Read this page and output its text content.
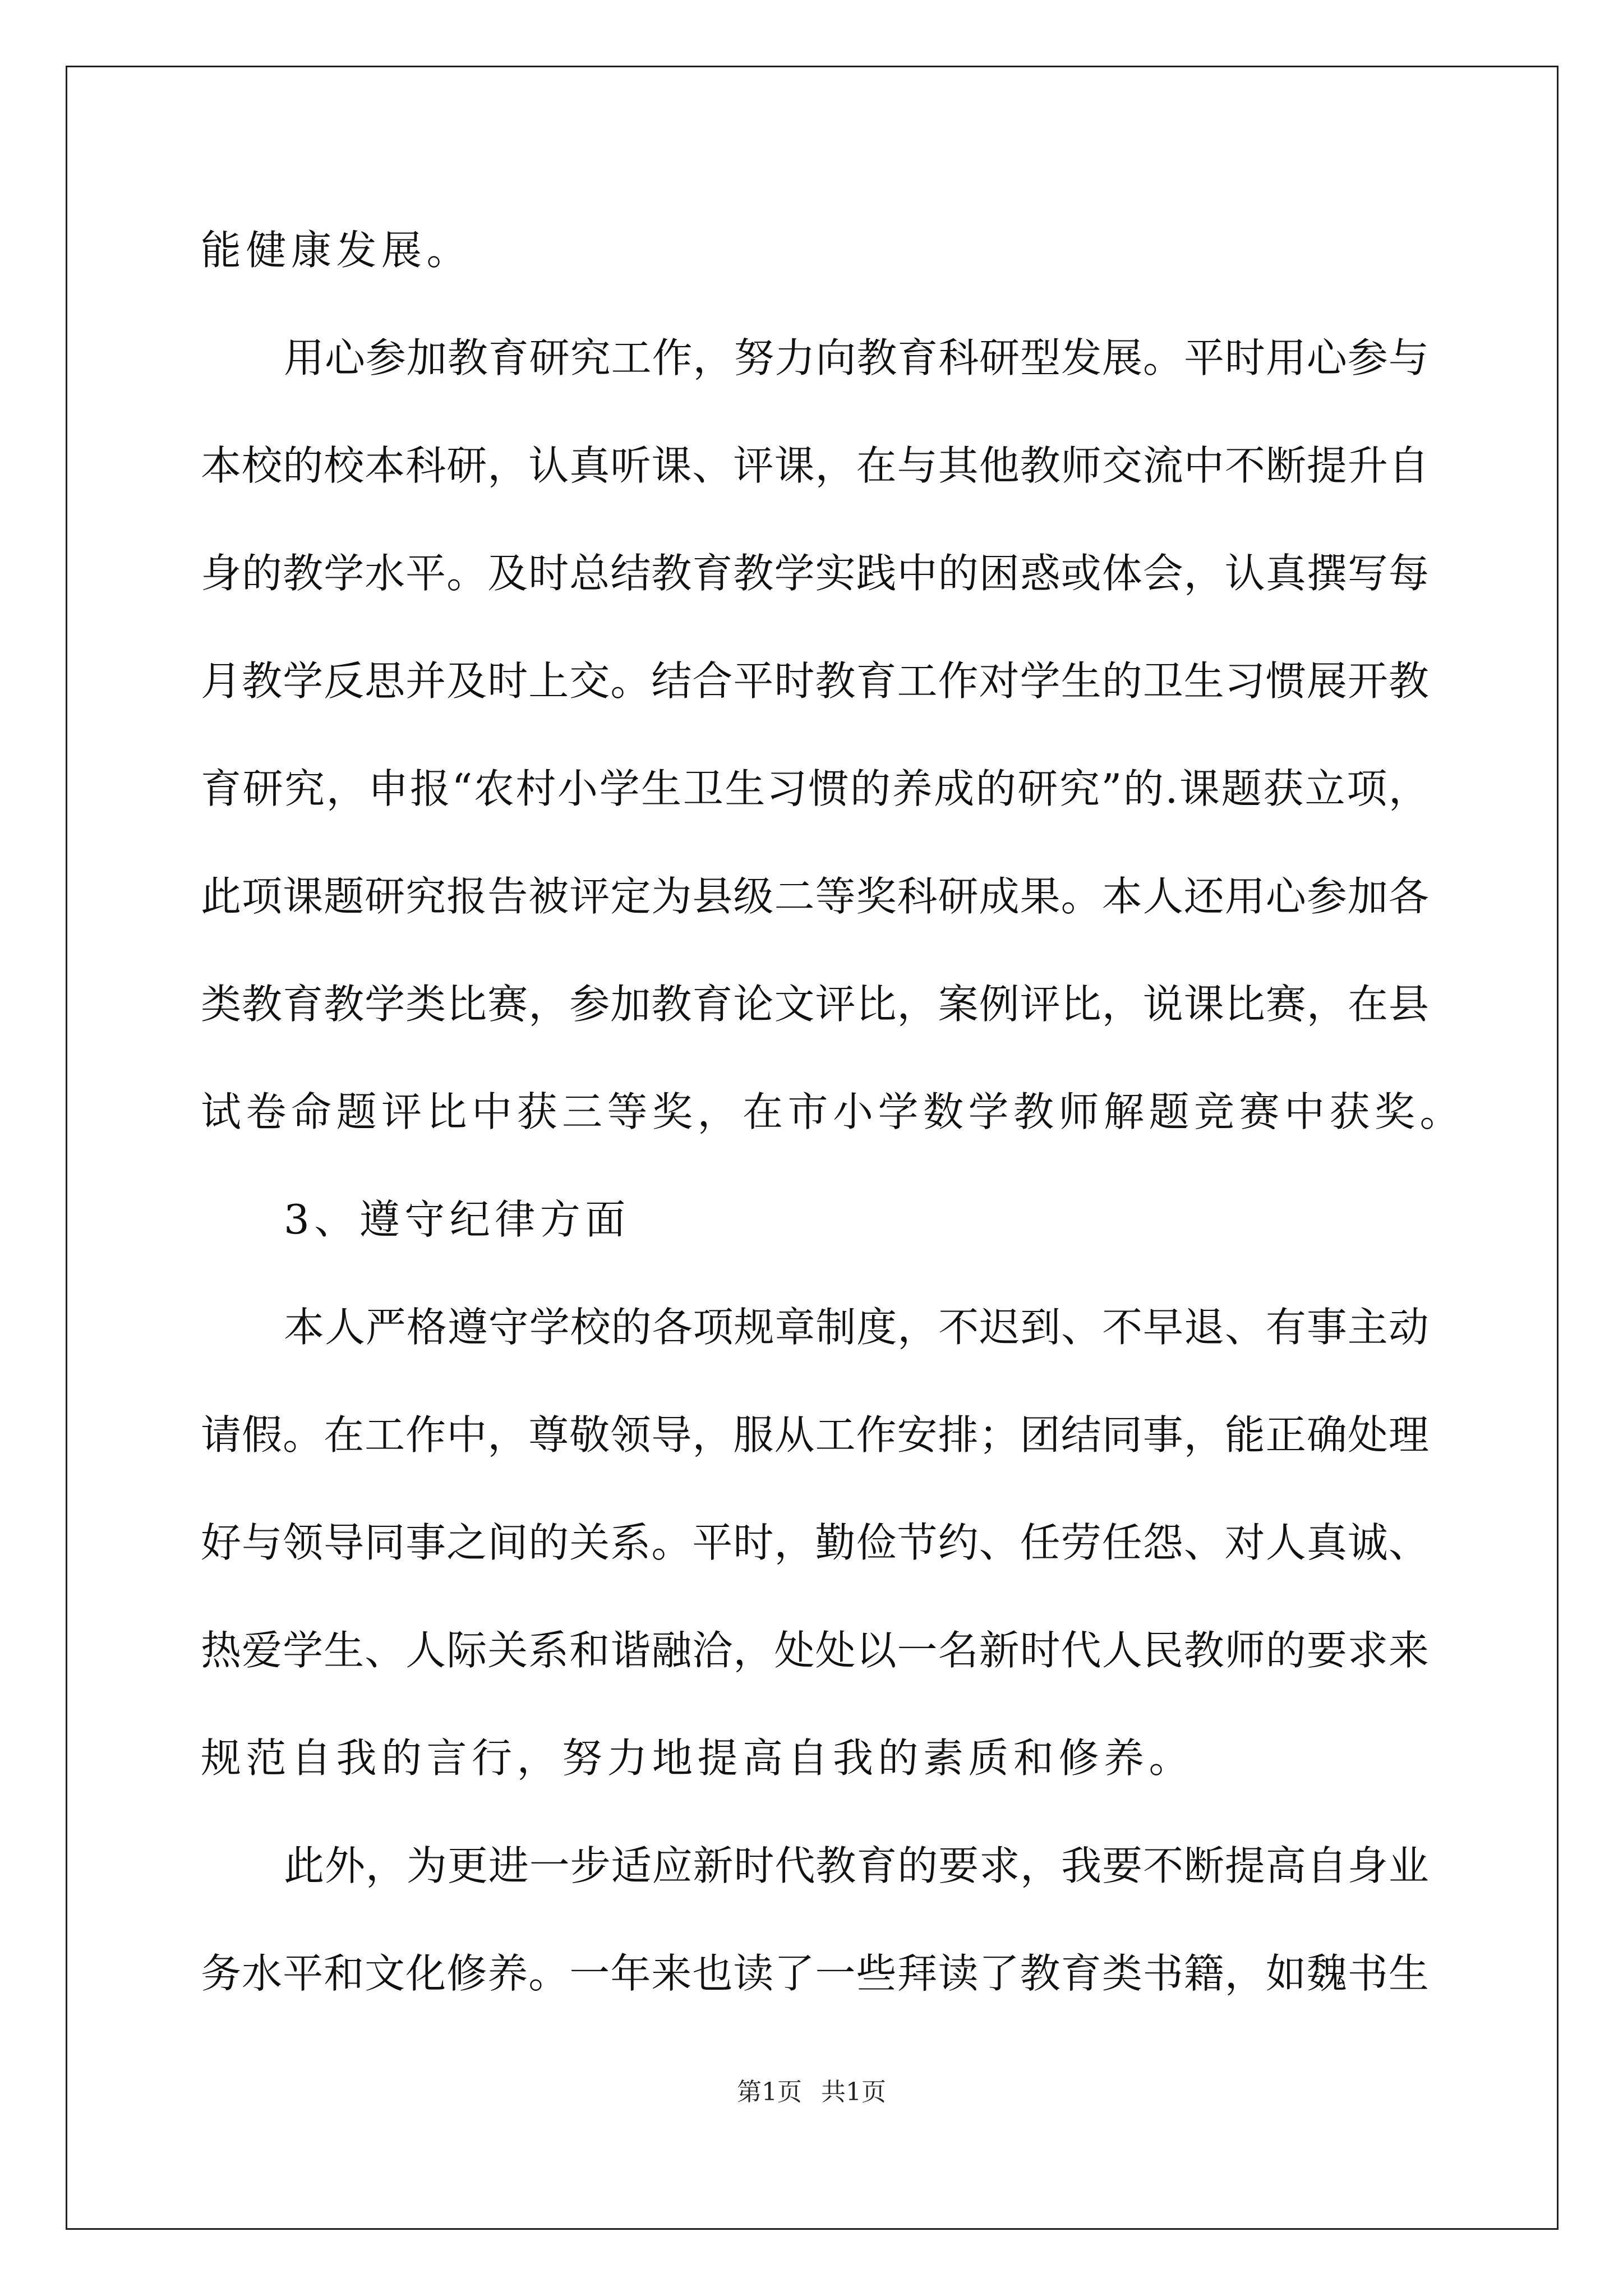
能健康发展。
用 心 参 加 教 育 研 究 工 作 ， 努 力 向 教 育 科 研 型 发 展 。 平 时 用 心 参 与
本 校 的 校 本 科 研 ， 认 真 听 课 、 评 课 ， 在 与 其 他 教 师 交 流 中 不 断 提 升 自
身 的 教 学 水 平 。 及 时 总 结 教 育 教 学 实 践 中 的 困 惑 或 体 会 ， 认 真 撰 写 每
月 教 学 反 思 并 及 时 上 交 。 结 合 平 时 教 育 工 作 对 学 生 的 卫 生 习 惯 展 开 教
育 研 究 ， 申 报 “ 农 村 小 学 生 卫 生 习 惯 的 养 成 的 研 究 ” 的 . 课 题 获 立 项 ，
此 项 课 题 研 究 报 告 被 评 定 为 县 级 二 等 奖 科 研 成 果 。 本 人 还 用 心 参 加 各
类 教 育 教 学 类 比 赛 ， 参 加 教 育 论 文 评 比 ， 案 例 评 比 ， 说 课 比 赛 ， 在 县
试卷命题评比中获三等奖，在市小学数学教师解题竞赛中获奖。
3、遵守纪律方面
本 人 严 格 遵 守 学 校 的 各 项 规 章 制 度 ， 不 迟 到 、 不 早 退 、 有 事 主 动
请 假 。 在 工 作 中 ， 尊 敬 领 导 ， 服 从 工 作 安 排 ； 团 结 同 事 ， 能 正 确 处 理
好 与 领 导 同 事 之 间 的 关 系 。 平 时 ， 勤 俭 节 约 、 任 劳 任 怨 、 对 人 真 诚 、
热 爱 学 生 、 人 际 关 系 和 谐 融 洽 ， 处 处 以 一 名 新 时 代 人 民 教 师 的 要 求 来
规范自我的言行，努力地提高自我的素质和修养。
此 外 ， 为 更 进 一 步 适 应 新 时 代 教 育 的 要 求 ， 我 要 不 断 提 高 自 身 业
务 水 平 和 文 化 修 养 。 一 年 来 也 读 了 一 些 拜 读 了 教 育 类 书 籍 ， 如 魏 书 生
第1页 共1页
